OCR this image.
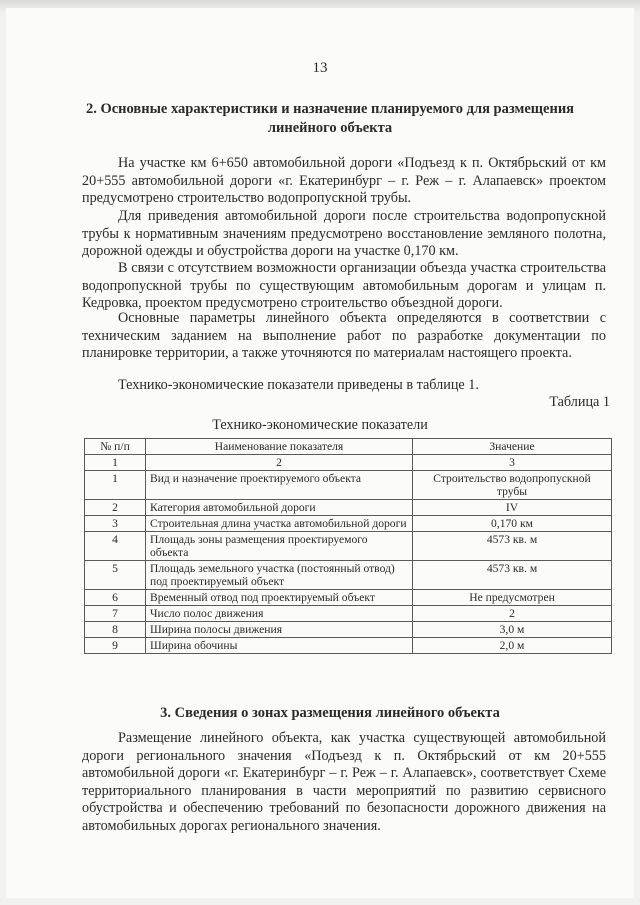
13
2. Основные характеристики и назначение планируемого для размещения
линейного объекта

На участке км 6+650 автомобильной дороги «Подъезд к п. Октябрьский от км 20+555 автомобильной дороги «г. Екатеринбург – г. Реж – г. Алапаевск» проектом предусмотрено строительство водопропускной трубы.

Для приведения автомобильной дороги после строительства водопропускной трубы к нормативным значениям предусмотрено восстановление земляного полотна, дорожной одежды и обустройства дороги на участке 0,170 км.

В связи с отсутствием возможности организации объезда участка строительства водопропускной трубы по существующим автомобильным дорогам и улицам п. Кедровка, проектом предусмотрено строительство объездной дороги.

Основные параметры линейного объекта определяются в соответствии с техническим заданием на выполнение работ по разработке документации по планировке территории, а также уточняются по материалам настоящего проекта.

Технико-экономические показатели приведены в таблице 1.

Таблица 1
Технико-экономические показатели
№ п/п	Наименование показателя	Значение
1	2	3
1	Вид и назначение проектируемого объекта	Строительство водопропускной трубы
2	Категория автомобильной дороги	IV
3	Строительная длина участка автомобильной дороги	0,170 км
4	Площадь зоны размещения проектируемого объекта	4573 кв. м
5	Площадь земельного участка (постоянный отвод) под проектируемый объект	4573 кв. м
6	Временный отвод под проектируемый объект	Не предусмотрен
7	Число полос движения	2
8	Ширина полосы движения	3,0 м
9	Ширина обочины	2,0 м
3. Сведения о зонах размещения линейного объекта

Размещение линейного объекта, как участка существующей автомобильной дороги регионального значения «Подъезд к п. Октябрьский от км 20+555 автомобильной дороги «г. Екатеринбург – г. Реж – г. Алапаевск», соответствует Схеме территориального планирования в части мероприятий по развитию сервисного обустройства и обеспечению требований по безопасности дорожного движения на автомобильных дорогах регионального значения.
